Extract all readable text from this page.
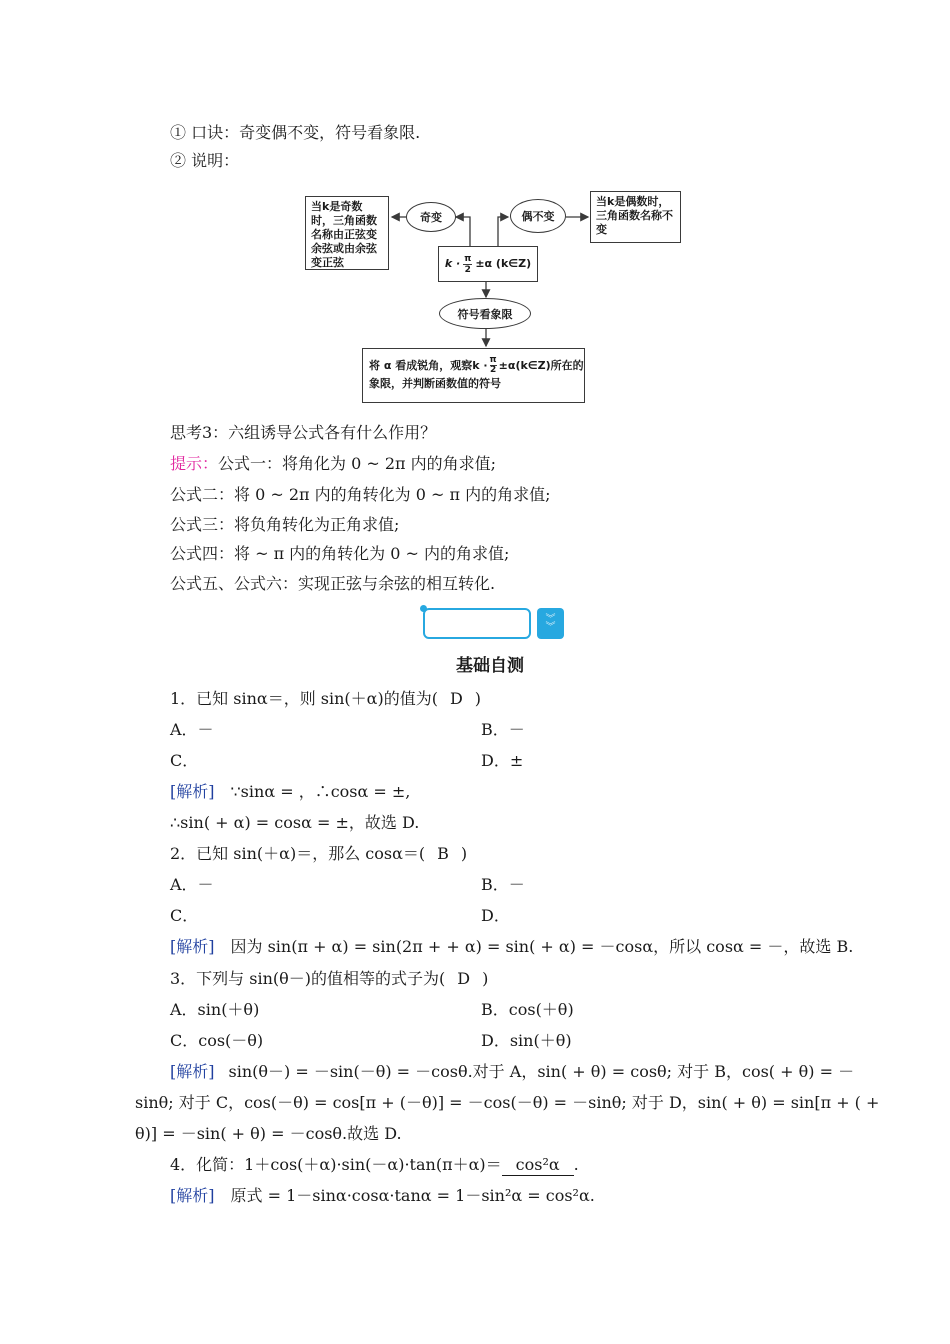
① 口诀：奇变偶不变，符号看象限.
② 说明：
当k是奇数时，三角函数名称由正弦变余弦或由余弦变正弦
奇变	偶不变
当k是偶数时，三角函数名称不变
$k \cdot \frac{\pi}{2} \pm\alpha$ (k∈Z)
符号看象限
将 α 看成锐角，观察$k \cdot \frac{\pi}{2}$ ±α(k∈Z)所在的
象限，并判断函数值的符号
思考3：六组诱导公式各有什么作用？
提示：公式一：将角化为 0 ~ 2π 内的角求值;
公式二：将 0 ~ 2π 内的角转化为 0 ~ π 内的角求值;
公式三：将负角转化为正角求值;
公式四：将 ~ π 内的角转化为 0 ~ 内的角求值;
公式五、公式六：实现正弦与余弦的相互转化.
︾
︾
基础自测
1．已知 sinα＝，则 sin(＋α)的值为( D )
A．－	B．－
C．	D．±
[解析] ∵sinα = ，∴cosα = ±,
∴sin( + α) = cosα = ±，故选 D.
2．已知 sin(＋α)＝，那么 cosα＝( B )
A．－	B．－
C．	D．
[解析] 因为 sin(π + α) = sin(2π + + α) = sin( + α) = －cosα，所以 cosα = －，故选 B.
3．下列与 sin(θ－)的值相等的式子为( D )
A．sin(＋θ)	B．cos(＋θ)
C．cos(－θ)	D．sin(＋θ)
[解析] sin(θ－) = －sin(－θ) = －cosθ.对于 A，sin( + θ) = cosθ; 对于 B，cos( + θ) = －
sinθ; 对于 C，cos(－θ) = cos[π + (－θ)] = －cos(－θ) = －sinθ; 对于 D，sin( + θ) = sin[π + ( +
θ)] = －sin( + θ) = －cosθ.故选 D.
4．化简：1＋cos(＋α)·sin(－α)·tan(π＋α)＝ cos²α .
[解析] 原式 = 1－sinα·cosα·tanα = 1－sin²α = cos²α.
